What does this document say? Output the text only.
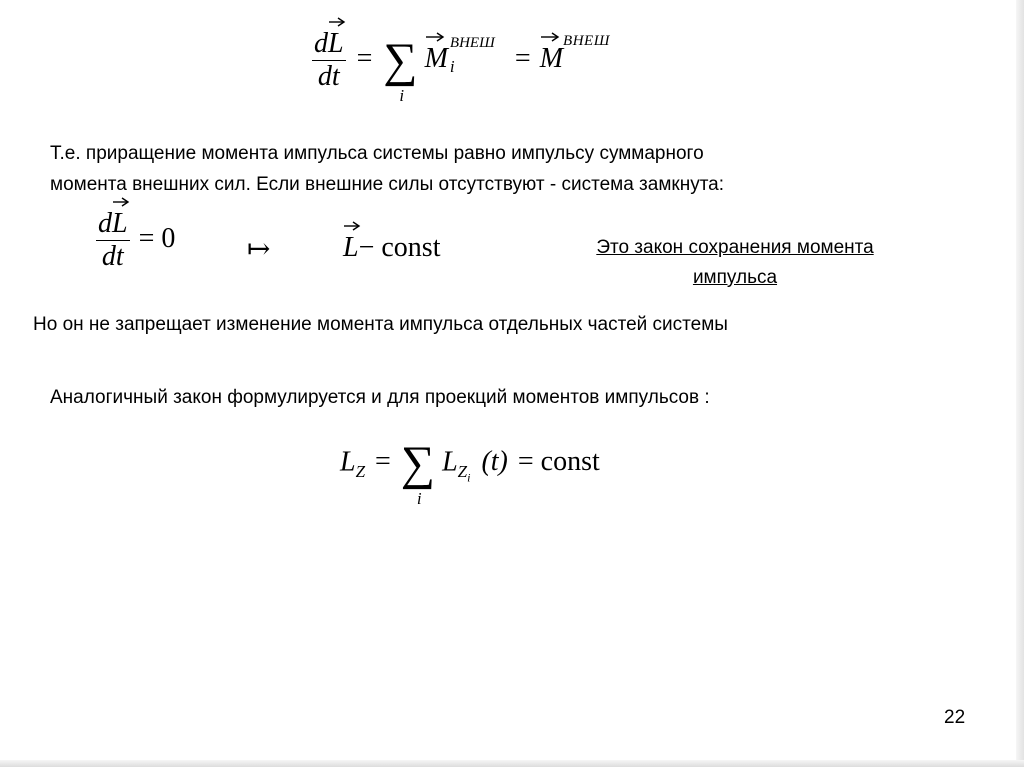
d
L
dt = ∑
i

M i
ВНЕШ
= $M^{ВНЕШ}$
Т.е. приращение момента импульса системы равно импульсу суммарного
момента внешних сил. Если внешние силы отсутствуют - система замкнута:
d
L
dt = 0	↦	L− const	Это закон сохранения момента
импульса
Но он не запрещает изменение момента импульса отдельных частей системы
Аналогичный закон формулируется и для проекций моментов импульсов :
$L_Z$ = ∑
i
$L_{Z_i}$ (t) = const
22
